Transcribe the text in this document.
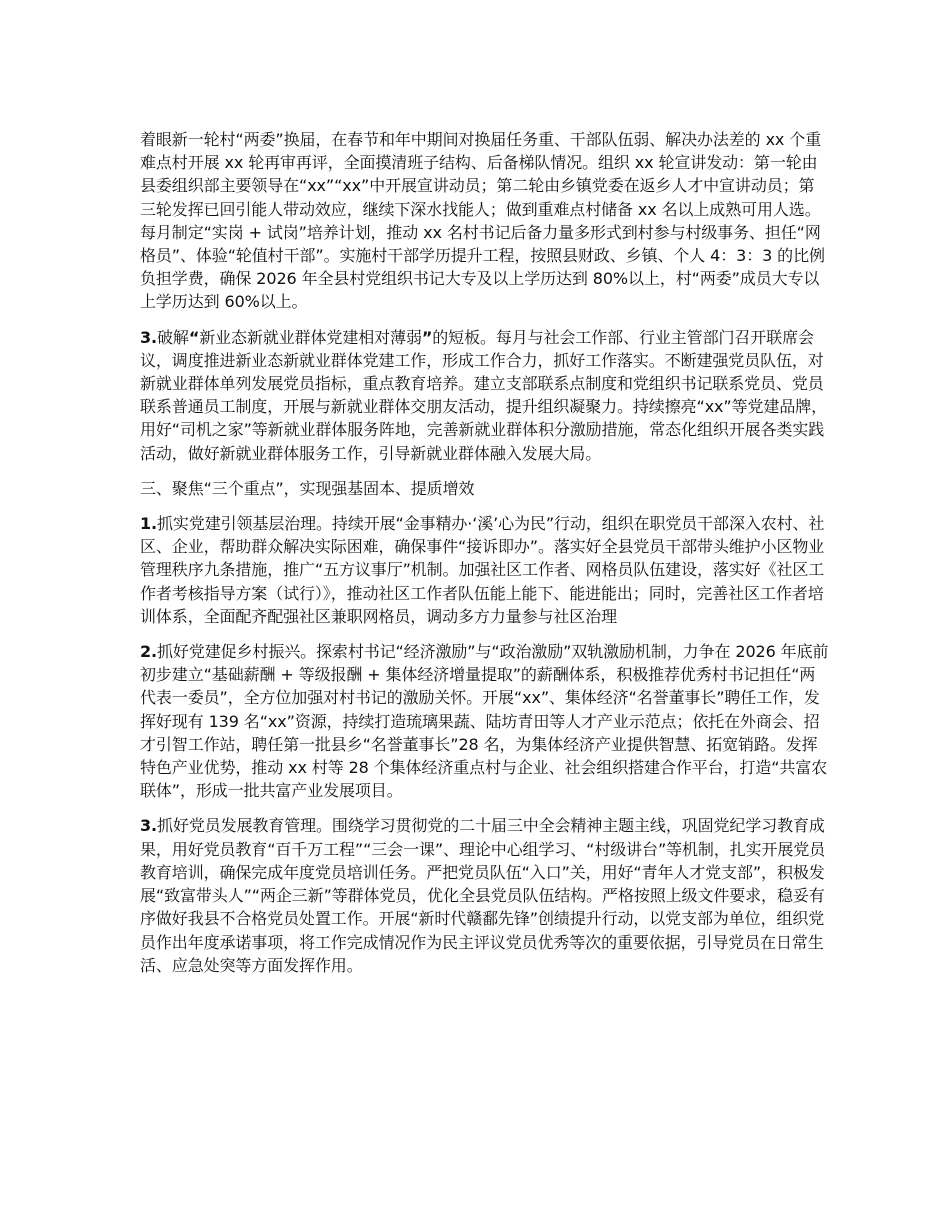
着眼新一轮村“两委”换届，在春节和年中期间对换届任务重、干部队伍弱、解决办法差的 xx 个重难点村开展 xx 轮再审再评，全面摸清班子结构、后备梯队情况。组织 xx 轮宣讲发动：第一轮由县委组织部主要领导在“xx”“xx”中开展宣讲动员；第二轮由乡镇党委在返乡人才中宣讲动员；第三轮发挥已回引能人带动效应，继续下深水找能人；做到重难点村储备 xx 名以上成熟可用人选。每月制定“实岗 + 试岗”培养计划，推动 xx 名村书记后备力量多形式到村参与村级事务、担任“网格员”、体验“轮值村干部”。实施村干部学历提升工程，按照县财政、乡镇、个人 4：3：3 的比例负担学费，确保 2026 年全县村党组织书记大专及以上学历达到 80%以上，村“两委”成员大专以上学历达到 60%以上。

3.破解“新业态新就业群体党建相对薄弱”的短板。每月与社会工作部、行业主管部门召开联席会议，调度推进新业态新就业群体党建工作，形成工作合力，抓好工作落实。不断建强党员队伍，对新就业群体单列发展党员指标，重点教育培养。建立支部联系点制度和党组织书记联系党员、党员联系普通员工制度，开展与新就业群体交朋友活动，提升组织凝聚力。持续擦亮“xx”等党建品牌，用好“司机之家”等新就业群体服务阵地，完善新就业群体积分激励措施，常态化组织开展各类实践活动，做好新就业群体服务工作，引导新就业群体融入发展大局。

三、聚焦“三个重点”，实现强基固本、提质增效

1.抓实党建引领基层治理。持续开展“金事精办·‘溪’心为民”行动，组织在职党员干部深入农村、社区、企业，帮助群众解决实际困难，确保事件“接诉即办”。落实好全县党员干部带头维护小区物业管理秩序九条措施，推广“五方议事厅”机制。加强社区工作者、网格员队伍建设，落实好《社区工作者考核指导方案（试行）》，推动社区工作者队伍能上能下、能进能出；同时，完善社区工作者培训体系，全面配齐配强社区兼职网格员，调动多方力量参与社区治理

2.抓好党建促乡村振兴。探索村书记“经济激励”与“政治激励”双轨激励机制，力争在 2026 年底前初步建立“基础薪酬 + 等级报酬 + 集体经济增量提取”的薪酬体系，积极推荐优秀村书记担任“两代表一委员”，全方位加强对村书记的激励关怀。开展“xx”、集体经济“名誉董事长”聘任工作，发挥好现有 139 名“xx”资源，持续打造琉璃果蔬、陆坊青田等人才产业示范点；依托在外商会、招才引智工作站，聘任第一批县乡“名誉董事长”28 名，为集体经济产业提供智慧、拓宽销路。发挥特色产业优势，推动 xx 村等 28 个集体经济重点村与企业、社会组织搭建合作平台，打造“共富农联体”，形成一批共富产业发展项目。

3.抓好党员发展教育管理。围绕学习贯彻党的二十届三中全会精神主题主线，巩固党纪学习教育成果，用好党员教育“百千万工程”“三会一课”、理论中心组学习、“村级讲台”等机制，扎实开展党员教育培训，确保完成年度党员培训任务。严把党员队伍“入口”关，用好“青年人才党支部”，积极发展“致富带头人”“两企三新”等群体党员，优化全县党员队伍结构。严格按照上级文件要求，稳妥有序做好我县不合格党员处置工作。开展“新时代赣鄱先锋”创绩提升行动，以党支部为单位，组织党员作出年度承诺事项，将工作完成情况作为民主评议党员优秀等次的重要依据，引导党员在日常生活、应急处突等方面发挥作用。
